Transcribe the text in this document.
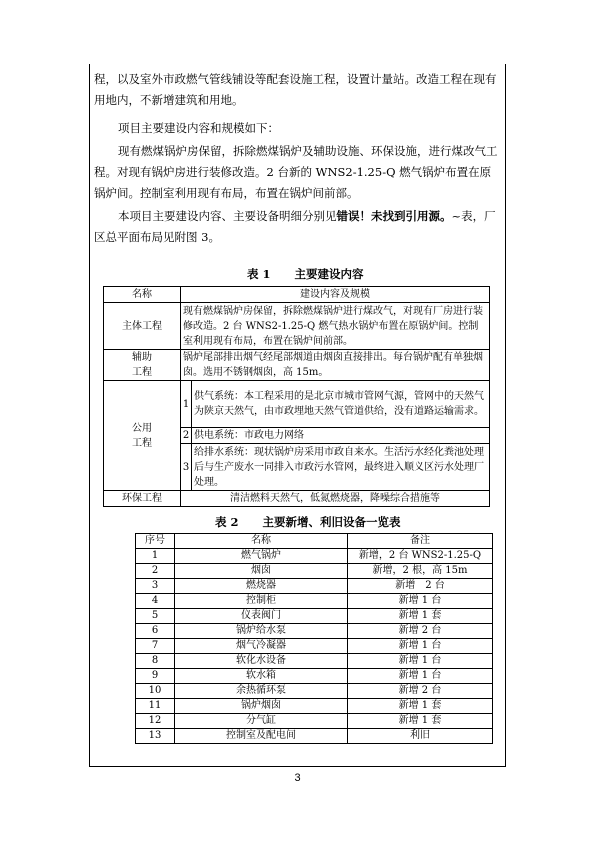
程，以及室外市政燃气管线铺设等配套设施工程，设置计量站。改造工程在现有用地内，不新增建筑和用地。

项目主要建设内容和规模如下：

现有燃煤锅炉房保留，拆除燃煤锅炉及辅助设施、环保设施，进行煤改气工程。对现有锅炉房进行装修改造。2 台新的 WNS2-1.25-Q 燃气锅炉布置在原锅炉间。控制室利用现有布局，布置在锅炉间前部。

本项目主要建设内容、主要设备明细分别见错误！未找到引用源。~表，厂区总平面布局见附图 3。

表 1 主要建设内容
名称	建设内容及规模	
主体工程	现有燃煤锅炉房保留，拆除燃煤锅炉进行煤改气，对现有厂房进行装修改造。2 台 WNS2-1.25-Q 燃气热水锅炉布置在原锅炉间。控制室利用现有布局，布置在锅炉间前部。	

辅助
工程	锅炉尾部排出烟气经尾部烟道由烟囱直接排出。每台锅炉配有单独烟囱。选用不锈钢烟囱，高 15m。	

公用
工程	1	供气系统：本工程采用的是北京市城市管网气源，管网中的天然气为陕京天然气，由市政埋地天然气管道供给，没有道路运输需求。
	2	供电系统：市政电力网络
	3	给排水系统：现状锅炉房采用市政自来水。生活污水经化粪池处理后与生产废水一同排入市政污水管网，最终进入顺义区污水处理厂处理。
环保工程	清洁燃料天然气，低氮燃烧器，降噪综合措施等	
表 2 主要新增、利旧设备一览表
序号	名称	备注
1	燃气锅炉	新增，2 台 WNS2-1.25-Q
2	烟囱	新增，2 根，高 15m
3	燃烧器	新增　2 台
4	控制柜	新增 1 台
5	仪表阀门	新增 1 套
6	锅炉给水泵	新增 2 台
7	烟气冷凝器	新增 1 台
8	软化水设备	新增 1 台
9	软水箱	新增 1 台
10	余热循环泵	新增 2 台
11	锅炉烟囱	新增 1 套
12	分气缸	新增 1 套
13	控制室及配电间	利旧
3
